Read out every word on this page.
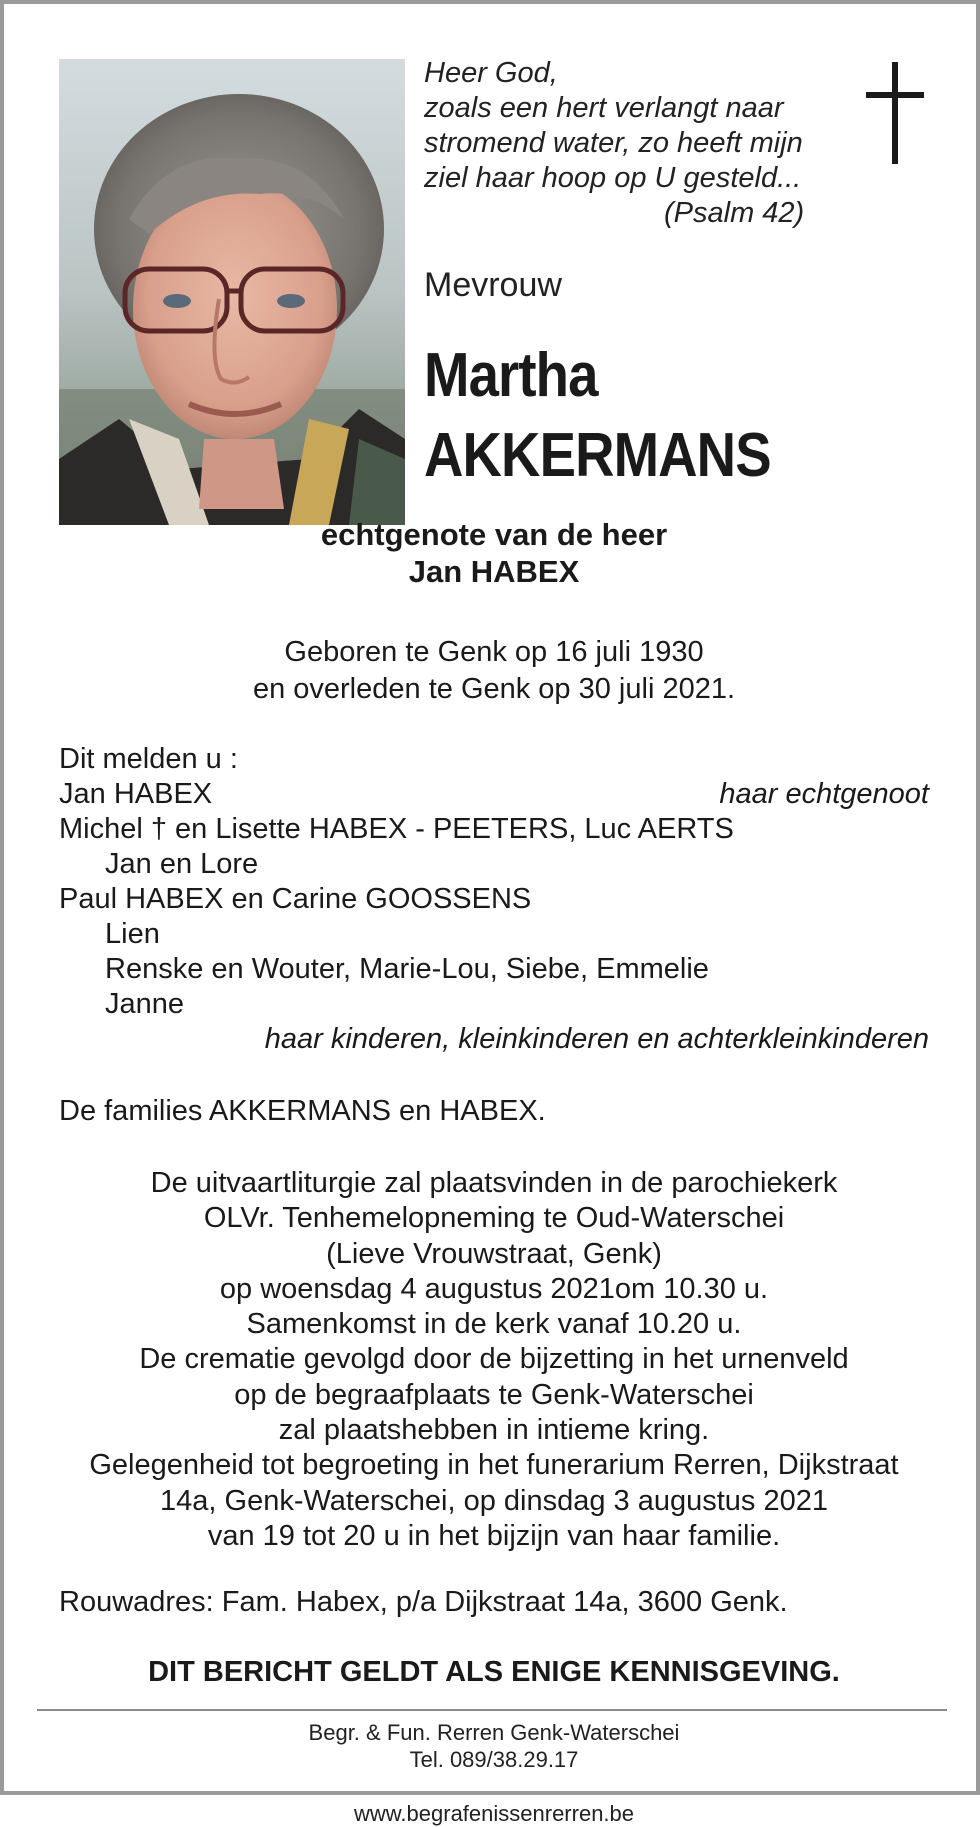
Heer God,
zoals een hert verlangt naar
stromend water, zo heeft mijn
ziel haar hoop op U gesteld...
(Psalm 42)
Mevrouw
Martha
AKKERMANS
echtgenote van de heer
Jan HABEX
Geboren te Genk op 16 juli 1930
en overleden te Genk op 30 juli 2021.
Dit melden u :
Jan HABEX	haar echtgenoot
Michel † en Lisette HABEX - PEETERS, Luc AERTS
Jan en Lore
Paul HABEX en Carine GOOSSENS
Lien
Renske en Wouter, Marie-Lou, Siebe, Emmelie
Janne
haar kinderen, kleinkinderen en achterkleinkinderen
De families AKKERMANS en HABEX.
De uitvaartliturgie zal plaatsvinden in de parochiekerk
OLVr. Tenhemelopneming te Oud-Waterschei
(Lieve Vrouwstraat, Genk)
op woensdag 4 augustus 2021om 10.30 u.
Samenkomst in de kerk vanaf 10.20 u.
De crematie gevolgd door de bijzetting in het urnenveld
op de begraafplaats te Genk-Waterschei
zal plaatshebben in intieme kring.
Gelegenheid tot begroeting in het funerarium Rerren, Dijkstraat
14a, Genk-Waterschei, op dinsdag 3 augustus 2021
van 19 tot 20 u in het bijzijn van haar familie.
Rouwadres: Fam. Habex, p/a Dijkstraat 14a, 3600 Genk.
DIT BERICHT GELDT ALS ENIGE KENNISGEVING.
Begr. & Fun. Rerren Genk-Waterschei
Tel. 089/38.29.17
www.begrafenissenrerren.be
